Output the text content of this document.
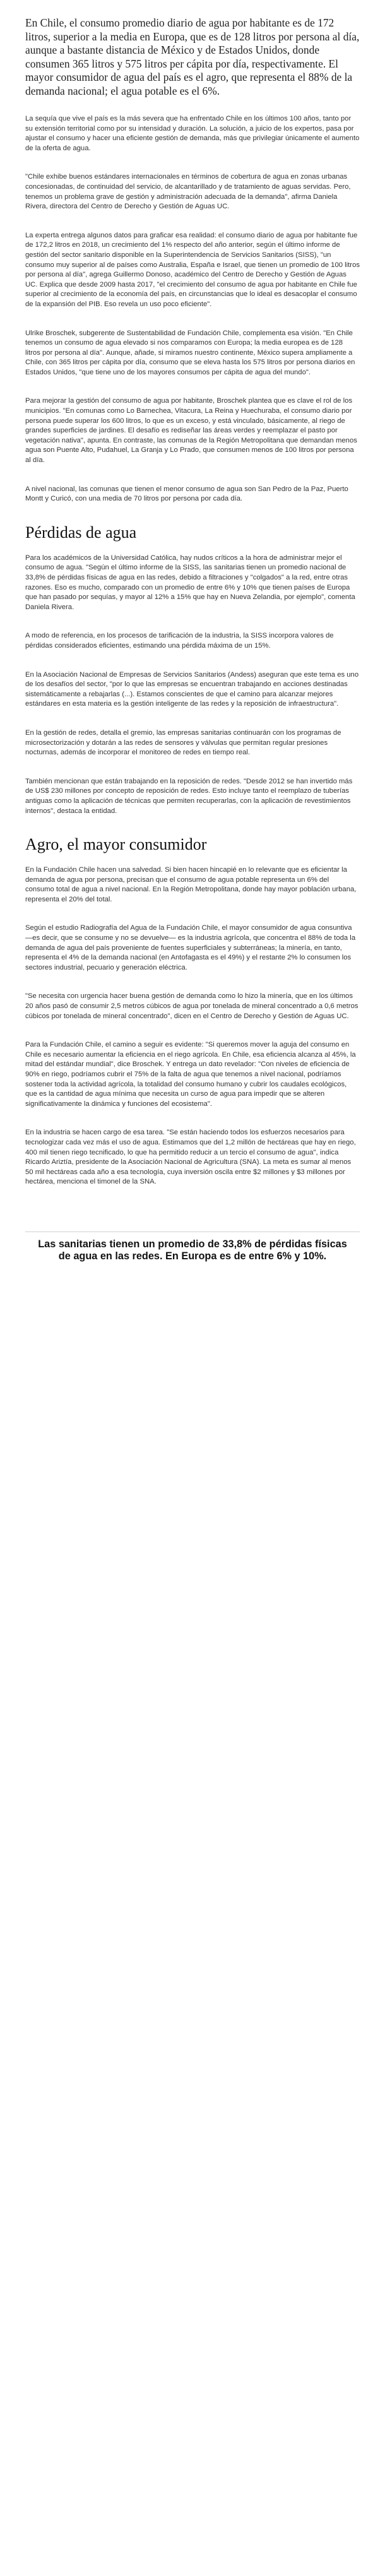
En Chile, el consumo promedio diario de agua por habitante es de 172 litros, superior a la media en Europa, que es de 128 litros por persona al día, aunque a bastante distancia de México y de Estados Unidos, donde consumen 365 litros y 575 litros per cápita por día, respectivamente. El mayor consumidor de agua del país es el agro, que representa el 88% de la demanda nacional; el agua potable es el 6%.

La sequía que vive el país es la más severa que ha enfrentado Chile en los últimos 100 años, tanto por su extensión territorial como por su intensidad y duración. La solución, a juicio de los expertos, pasa por ajustar el consumo y hacer una eficiente gestión de demanda, más que privilegiar únicamente el aumento de la oferta de agua.

"Chile exhibe buenos estándares internacionales en términos de cobertura de agua en zonas urbanas concesionadas, de continuidad del servicio, de alcantarillado y de tratamiento de aguas servidas. Pero, tenemos un problema grave de gestión y administración adecuada de la demanda", afirma Daniela Rivera, directora del Centro de Derecho y Gestión de Aguas UC.

La experta entrega algunos datos para graficar esa realidad: el consumo diario de agua por habitante fue de 172,2 litros en 2018, un crecimiento del 1% respecto del año anterior, según el último informe de gestión del sector sanitario disponible en la Superintendencia de Servicios Sanitarios (SISS), "un consumo muy superior al de países como Australia, España e Israel, que tienen un promedio de 100 litros por persona al día", agrega Guillermo Donoso, académico del Centro de Derecho y Gestión de Aguas UC. Explica que desde 2009 hasta 2017, "el crecimiento del consumo de agua por habitante en Chile fue superior al crecimiento de la economía del país, en circunstancias que lo ideal es desacoplar el consumo de la expansión del PIB. Eso revela un uso poco eficiente".

Ulrike Broschek, subgerente de Sustentabilidad de Fundación Chile, complementa esa visión. "En Chile tenemos un consumo de agua elevado si nos comparamos con Europa; la media europea es de 128 litros por persona al día". Aunque, añade, si miramos nuestro continente, México supera ampliamente a Chile, con 365 litros per cápita por día, consumo que se eleva hasta los 575 litros por persona diarios en Estados Unidos, "que tiene uno de los mayores consumos per cápita de agua del mundo".

Para mejorar la gestión del consumo de agua por habitante, Broschek plantea que es clave el rol de los municipios. "En comunas como Lo Barnechea, Vitacura, La Reina y Huechuraba, el consumo diario por persona puede superar los 600 litros, lo que es un exceso, y está vinculado, básicamente, al riego de grandes superficies de jardines. El desafío es rediseñar las áreas verdes y reemplazar el pasto por vegetación nativa", apunta. En contraste, las comunas de la Región Metropolitana que demandan menos agua son Puente Alto, Pudahuel, La Granja y Lo Prado, que consumen menos de 100 litros por persona al día.

A nivel nacional, las comunas que tienen el menor consumo de agua son San Pedro de la Paz, Puerto Montt y Curicó, con una media de 70 litros por persona por cada día.

Pérdidas de agua

Para los académicos de la Universidad Católica, hay nudos críticos a la hora de administrar mejor el consumo de agua. "Según el último informe de la SISS, las sanitarias tienen un promedio nacional de 33,8% de pérdidas físicas de agua en las redes, debido a filtraciones y "colgados" a la red, entre otras razones. Eso es mucho, comparado con un promedio de entre 6% y 10% que tienen países de Europa que han pasado por sequías, y mayor al 12% a 15% que hay en Nueva Zelandia, por ejemplo", comenta Daniela Rivera.

A modo de referencia, en los procesos de tarificación de la industria, la SISS incorpora valores de pérdidas considerados eficientes, estimando una pérdida máxima de un 15%.

En la Asociación Nacional de Empresas de Servicios Sanitarios (Andess) aseguran que este tema es uno de los desafíos del sector, "por lo que las empresas se encuentran trabajando en acciones destinadas sistemáticamente a rebajarlas (...). Estamos conscientes de que el camino para alcanzar mejores estándares en esta materia es la gestión inteligente de las redes y la reposición de infraestructura".

En la gestión de redes, detalla el gremio, las empresas sanitarias continuarán con los programas de microsectorización y dotarán a las redes de sensores y válvulas que permitan regular presiones nocturnas, además de incorporar el monitoreo de redes en tiempo real.

También mencionan que están trabajando en la reposición de redes. "Desde 2012 se han invertido más de US$ 230 millones por concepto de reposición de redes. Esto incluye tanto el reemplazo de tuberías antiguas como la aplicación de técnicas que permiten recuperarlas, con la aplicación de revestimientos internos", destaca la entidad.

Agro, el mayor consumidor

En la Fundación Chile hacen una salvedad. Si bien hacen hincapié en lo relevante que es eficientar la demanda de agua por persona, precisan que el consumo de agua potable representa un 6% del consumo total de agua a nivel nacional. En la Región Metropolitana, donde hay mayor población urbana, representa el 20% del total.

Según el estudio Radiografía del Agua de la Fundación Chile, el mayor consumidor de agua consuntiva —es decir, que se consume y no se devuelve— es la industria agrícola, que concentra el 88% de toda la demanda de agua del país proveniente de fuentes superficiales y subterráneas; la minería, en tanto, representa el 4% de la demanda nacional (en Antofagasta es el 49%) y el restante 2% lo consumen los sectores industrial, pecuario y generación eléctrica.

"Se necesita con urgencia hacer buena gestión de demanda como lo hizo la minería, que en los últimos 20 años pasó de consumir 2,5 metros cúbicos de agua por tonelada de mineral concentrado a 0,6 metros cúbicos por tonelada de mineral concentrado", dicen en el Centro de Derecho y Gestión de Aguas UC.

Para la Fundación Chile, el camino a seguir es evidente: "Si queremos mover la aguja del consumo en Chile es necesario aumentar la eficiencia en el riego agrícola. En Chile, esa eficiencia alcanza al 45%, la mitad del estándar mundial", dice Broschek. Y entrega un dato revelador: "Con niveles de eficiencia de 90% en riego, podríamos cubrir el 75% de la falta de agua que tenemos a nivel nacional, podríamos sostener toda la actividad agrícola, la totalidad del consumo humano y cubrir los caudales ecológicos, que es la cantidad de agua mínima que necesita un curso de agua para impedir que se alteren significativamente la dinámica y funciones del ecosistema".

En la industria se hacen cargo de esa tarea. "Se están haciendo todos los esfuerzos necesarios para tecnologizar cada vez más el uso de agua. Estimamos que del 1,2 millón de hectáreas que hay en riego, 400 mil tienen riego tecnificado, lo que ha permitido reducir a un tercio el consumo de agua", indica Ricardo Ariztía, presidente de la Asociación Nacional de Agricultura (SNA). La meta es sumar al menos 50 mil hectáreas cada año a esa tecnología, cuya inversión oscila entre $2 millones y $3 millones por hectárea, menciona el timonel de la SNA.

Las sanitarias tienen un promedio de 33,8% de pérdidas físicas de agua en las redes. En Europa es de entre 6% y 10%.
